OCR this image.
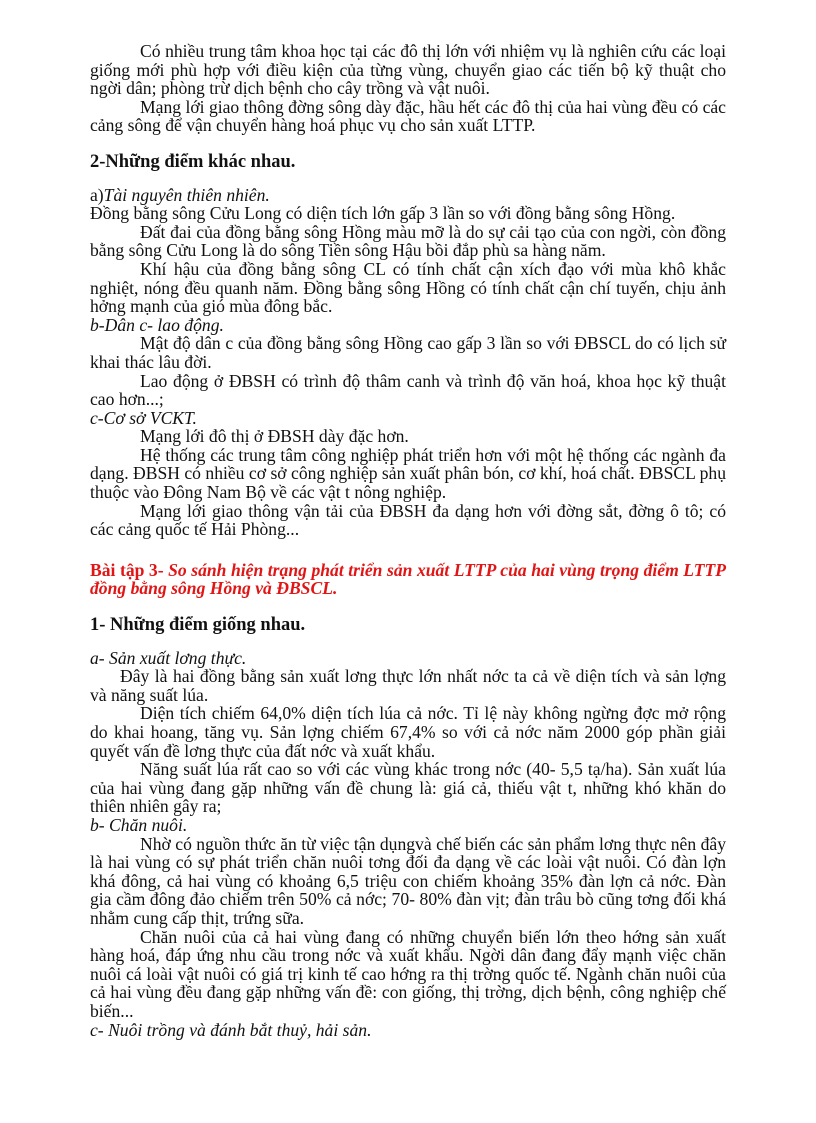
Có nhiều trung tâm khoa học tại các đô thị lớn với nhiệm vụ là nghiên cứu các loại giống mới phù hợp với điều kiện của từng vùng, chuyển giao các tiến bộ kỹ thuật cho ngời dân; phòng trừ dịch bệnh cho cây trồng và vật nuôi.

Mạng lới giao thông đờng sông dày đặc, hầu hết các đô thị của hai vùng đều có các cảng sông để vận chuyển hàng hoá phục vụ cho sản xuất LTTP.

2-Những điểm khác nhau.

a)Tài nguyên thiên nhiên.

Đồng bằng sông Cửu Long có diện tích lớn gấp 3 lần so với đồng bằng sông Hồng.

Đất đai của đồng bằng sông Hồng màu mỡ là do sự cải tạo của con ngời, còn đồng bằng sông Cửu Long là do sông Tiền sông Hậu bồi đắp phù sa hàng năm.

Khí hậu của đồng bằng sông CL có tính chất cận xích đạo với mùa khô khắc nghiệt, nóng đều quanh năm. Đồng bằng sông Hồng có tính chất cận chí tuyến, chịu ảnh hởng mạnh của gió mùa đông bắc.

b-Dân c- lao động.

Mật độ dân c của đồng bằng sông Hồng cao gấp 3 lần so với ĐBSCL do có lịch sử khai thác lâu đời.

Lao động ở ĐBSH có trình độ thâm canh và trình độ văn hoá, khoa học kỹ thuật cao hơn...;

c-Cơ sở VCKT.

Mạng lới đô thị ở ĐBSH dày đặc hơn.

Hệ thống các trung tâm công nghiệp phát triển hơn với một hệ thống các ngành đa dạng. ĐBSH có nhiều cơ sở công nghiệp sản xuất phân bón, cơ khí, hoá chất. ĐBSCL phụ thuộc vào Đông Nam Bộ về các vật t nông nghiệp.

Mạng lới giao thông vận tải của ĐBSH đa dạng hơn với đờng sắt, đờng ô tô; có các cảng quốc tế Hải Phòng...

Bài tập 3- So sánh hiện trạng phát triển sản xuất LTTP của hai vùng trọng điểm LTTP đồng bằng sông Hồng và ĐBSCL.

1- Những điểm giống nhau.

a- Sản xuất lơng thực.

Đây là hai đồng bằng sản xuất lơng thực lớn nhất nớc ta cả về diện tích và sản lợng và năng suất lúa.

Diện tích chiếm 64,0% diện tích lúa cả nớc. Tỉ lệ này không ngừng đợc mở rộng do khai hoang, tăng vụ. Sản lợng chiếm 67,4% so với cả nớc năm 2000 góp phần giải quyết vấn đề lơng thực của đất nớc và xuất khẩu.

Năng suất lúa rất cao so với các vùng khác trong nớc (40- 5,5 tạ/ha). Sản xuất lúa của hai vùng đang gặp những vấn đề chung là: giá cả, thiếu vật t, những khó khăn do thiên nhiên gây ra;

b- Chăn nuôi.

Nhờ có nguồn thức ăn từ việc tận dụngvà chế biến các sản phẩm lơng thực nên đây là hai vùng có sự phát triển chăn nuôi tơng đối đa dạng về các loài vật nuôi. Có đàn lợn khá đông, cả hai vùng có khoảng 6,5 triệu con chiếm khoảng 35% đàn lợn cả nớc. Đàn gia cầm đông đảo chiếm trên 50% cả nớc; 70- 80% đàn vịt; đàn trâu bò cũng tơng đối khá nhằm cung cấp thịt, trứng sữa.

Chăn nuôi của cả hai vùng đang có những chuyển biến lớn theo hớng sản xuất hàng hoá, đáp ứng nhu cầu trong nớc và xuất khẩu. Ngời dân đang đẩy mạnh việc chăn nuôi cá loài vật nuôi có giá trị kinh tế cao hớng ra thị trờng quốc tế. Ngành chăn nuôi của cả hai vùng đều đang gặp những vấn đề: con giống, thị trờng, dịch bệnh, công nghiệp chế biến...

c- Nuôi trồng và đánh bắt thuỷ, hải sản.
